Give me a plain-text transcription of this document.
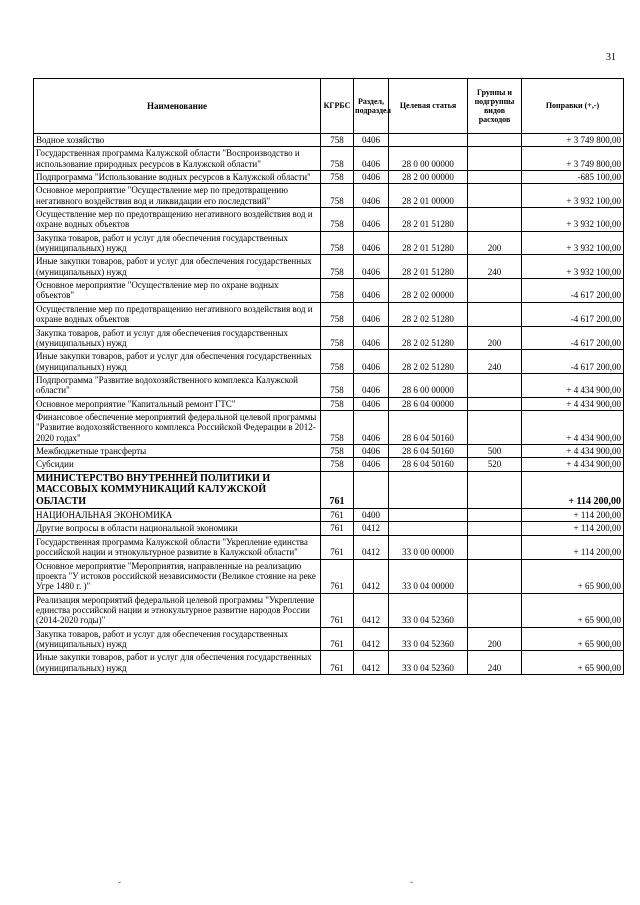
31
Наименование	КГРБС	Раздел, подраздел	Целевая статья	Группы и подгруппы видов расходов	Поправки (+,-)
Водное хозяйство	758	0406			+ 3 749 800,00
Государственная программа Калужской области "Воспроизводство и использование природных ресурсов в Калужской области"	758	0406	28 0 00 00000		+ 3 749 800,00
Подпрограмма "Использование водных ресурсов в Калужской области"	758	0406	28 2 00 00000		-685 100,00
Основное мероприятие "Осуществление мер по предотвращению негативного воздействия вод и ликвидации его последствий"	758	0406	28 2 01 00000		+ 3 932 100,00
Осуществление мер по предотвращению негативного воздействия вод и охране водных объектов	758	0406	28 2 01 51280		+ 3 932 100,00
Закупка товаров, работ и услуг для обеспечения государственных (муниципальных) нужд	758	0406	28 2 01 51280	200	+ 3 932 100,00
Иные закупки товаров, работ и услуг для обеспечения государственных (муниципальных) нужд	758	0406	28 2 01 51280	240	+ 3 932 100,00
Основное мероприятие "Осуществление мер по охране водных объектов"	758	0406	28 2 02 00000		-4 617 200,00
Осуществление мер по предотвращению негативного воздействия вод и охране водных объектов	758	0406	28 2 02 51280		-4 617 200,00
Закупка товаров, работ и услуг для обеспечения государственных (муниципальных) нужд	758	0406	28 2 02 51280	200	-4 617 200,00
Иные закупки товаров, работ и услуг для обеспечения государственных (муниципальных) нужд	758	0406	28 2 02 51280	240	-4 617 200,00
Подпрограмма "Развитие водохозяйственного комплекса Калужской области"	758	0406	28 6 00 00000		+ 4 434 900,00
Основное мероприятие "Капитальный ремонт ГТС"	758	0406	28 6 04 00000		+ 4 434 900,00
Финансовое обеспечение мероприятий федеральной целевой программы "Развитие водохозяйственного комплекса Российской Федерации в 2012-2020 годах"	758	0406	28 6 04 50160		+ 4 434 900,00
Межбюджетные трансферты	758	0406	28 6 04 50160	500	+ 4 434 900,00
Субсидии	758	0406	28 6 04 50160	520	+ 4 434 900,00
МИНИСТЕРСТВО ВНУТРЕННЕЙ ПОЛИТИКИ И МАССОВЫХ КОММУНИКАЦИЙ КАЛУЖСКОЙ ОБЛАСТИ	761				+ 114 200,00
НАЦИОНАЛЬНАЯ ЭКОНОМИКА	761	0400			+ 114 200,00
Другие вопросы в области национальной экономики	761	0412			+ 114 200,00
Государственная программа Калужской области "Укрепление единства российской нации и этнокультурное развитие в Калужской области"	761	0412	33 0 00 00000		+ 114 200,00
Основное мероприятие "Мероприятия, направленные на реализацию проекта "У истоков российской независимости (Великое стояние на реке Угре 1480 г. )"	761	0412	33 0 04 00000		+ 65 900,00
Реализация мероприятий федеральной целевой программы "Укрепление единства российской нации и этнокультурное развитие народов России (2014-2020 годы)"	761	0412	33 0 04 52360		+ 65 900,00
Закупка товаров, работ и услуг для обеспечения государственных (муниципальных) нужд	761	0412	33 0 04 52360	200	+ 65 900,00
Иные закупки товаров, работ и услуг для обеспечения государственных (муниципальных) нужд	761	0412	33 0 04 52360	240	+ 65 900,00
ˇ	ˇ
